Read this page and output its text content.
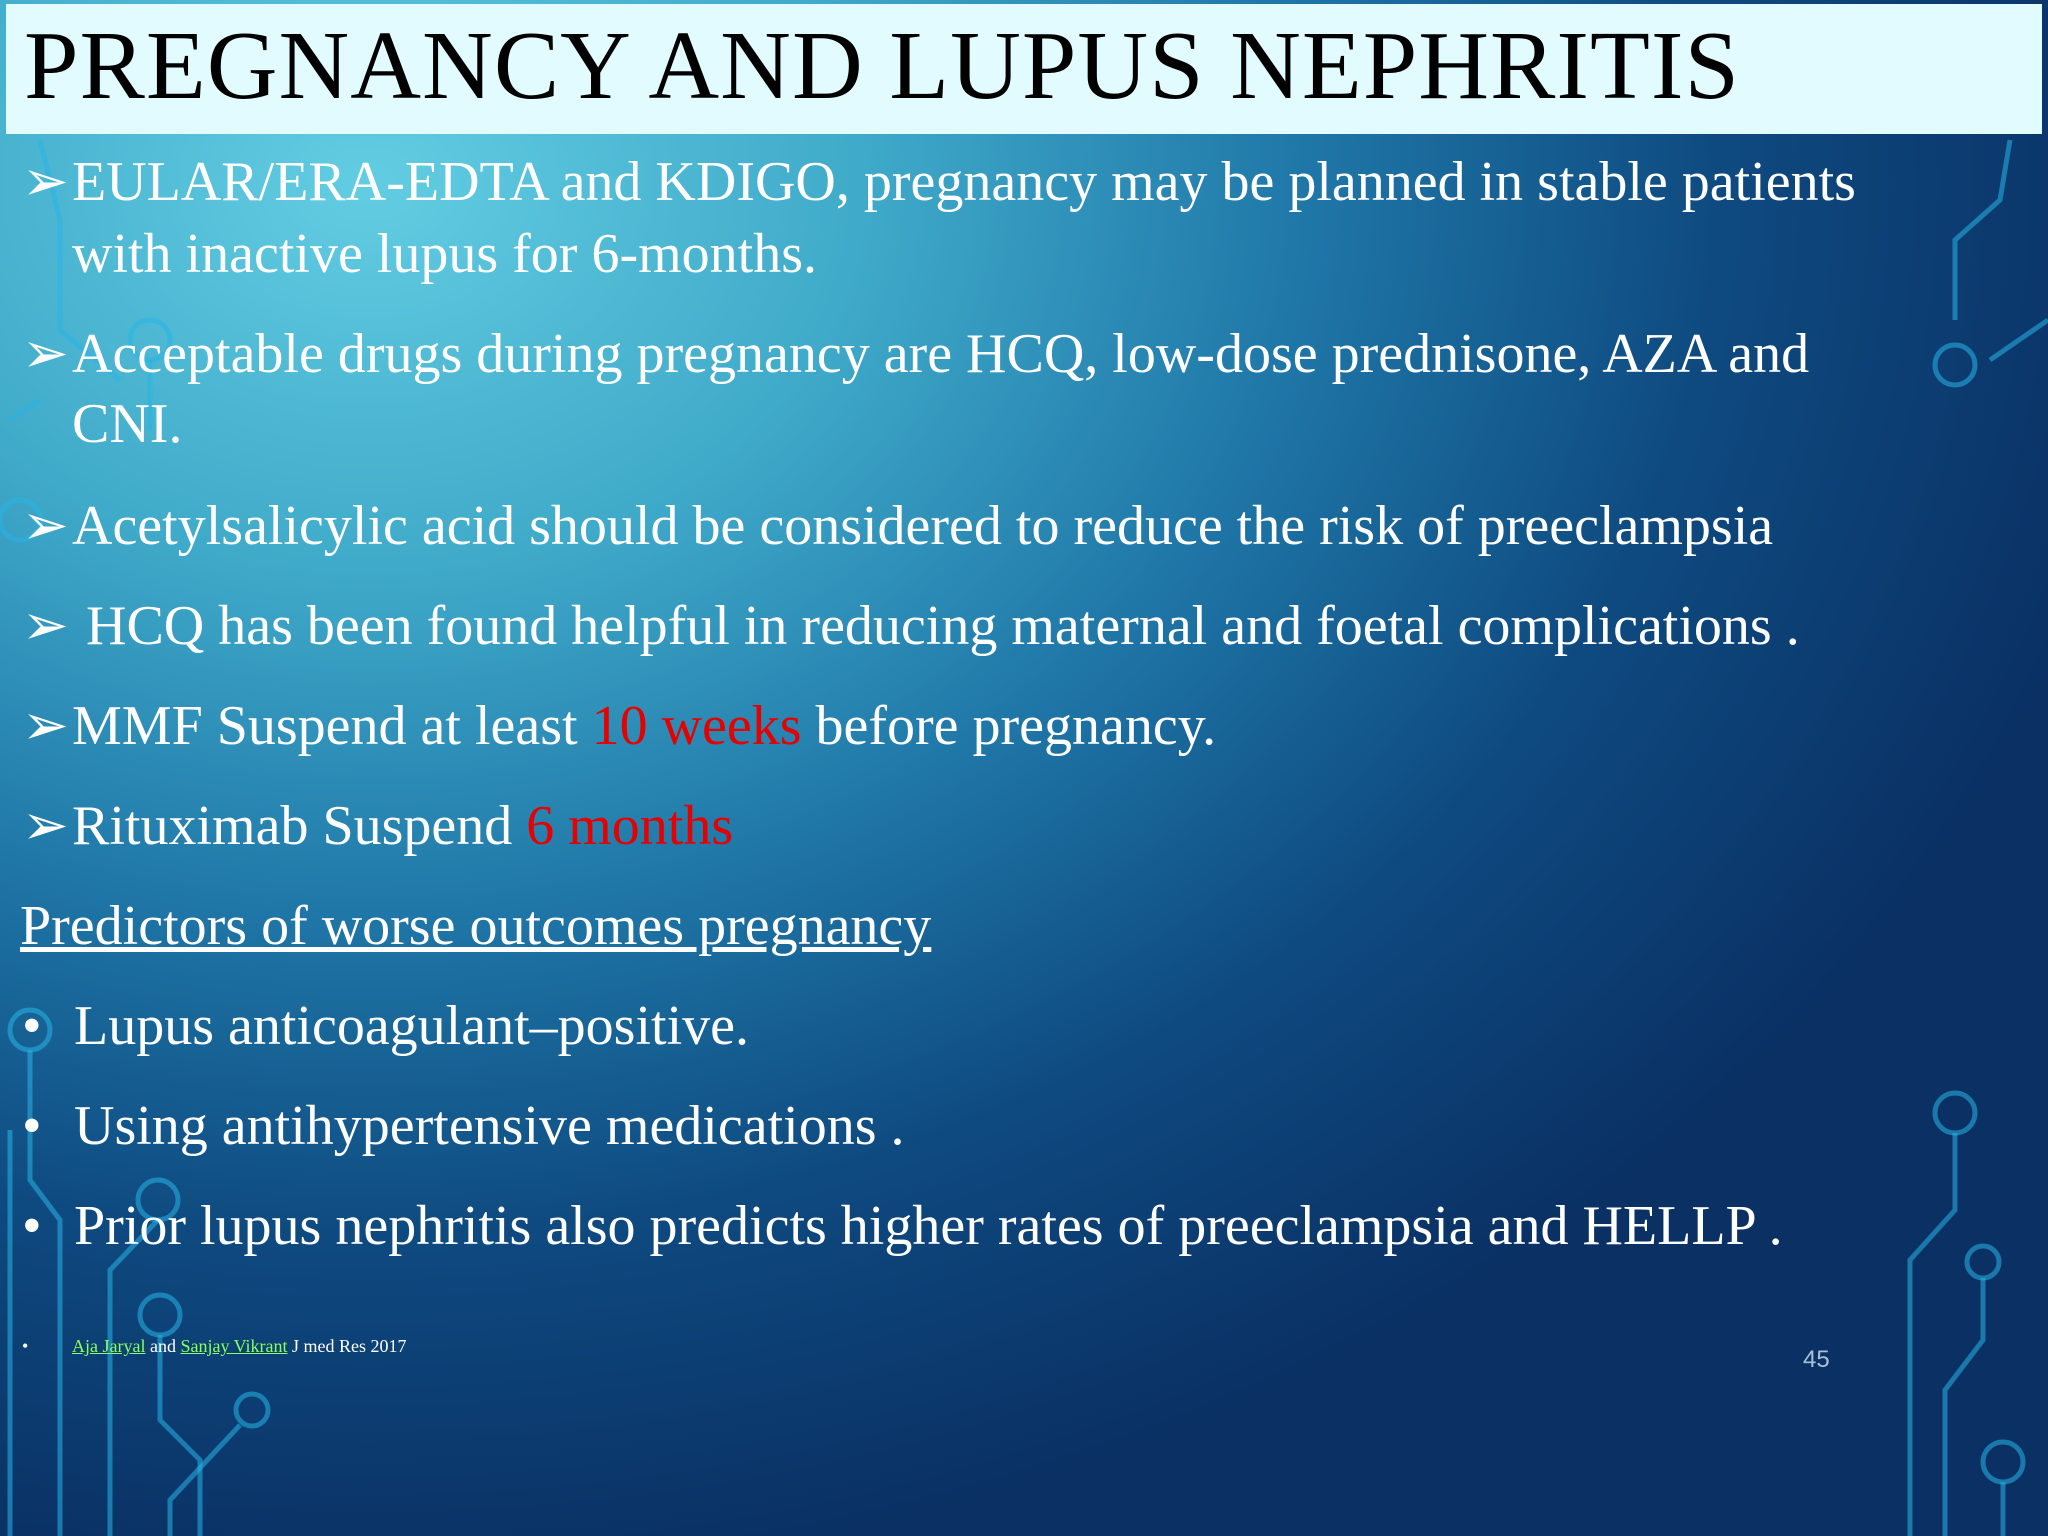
PREGNANCY AND LUPUS NEPHRITIS
➢EULAR/ERA-EDTA and KDIGO, pregnancy may be planned in stable patients
with inactive lupus for 6-months.
➢Acceptable drugs during pregnancy are HCQ, low-dose prednisone, AZA and
CNI.
➢Acetylsalicylic acid should be considered to reduce the risk of preeclampsia
➢ HCQ has been found helpful in reducing maternal and foetal complications .
➢MMF Suspend at least 10 weeks before pregnancy.
➢Rituximab Suspend 6 months
Predictors of worse outcomes pregnancy
• Lupus anticoagulant–positive.
• Using antihypertensive medications .
• Prior lupus nephritis also predicts higher rates of preeclampsia and HELLP .
• Aja Jaryal and Sanjay Vikrant J med Res 2017	45
